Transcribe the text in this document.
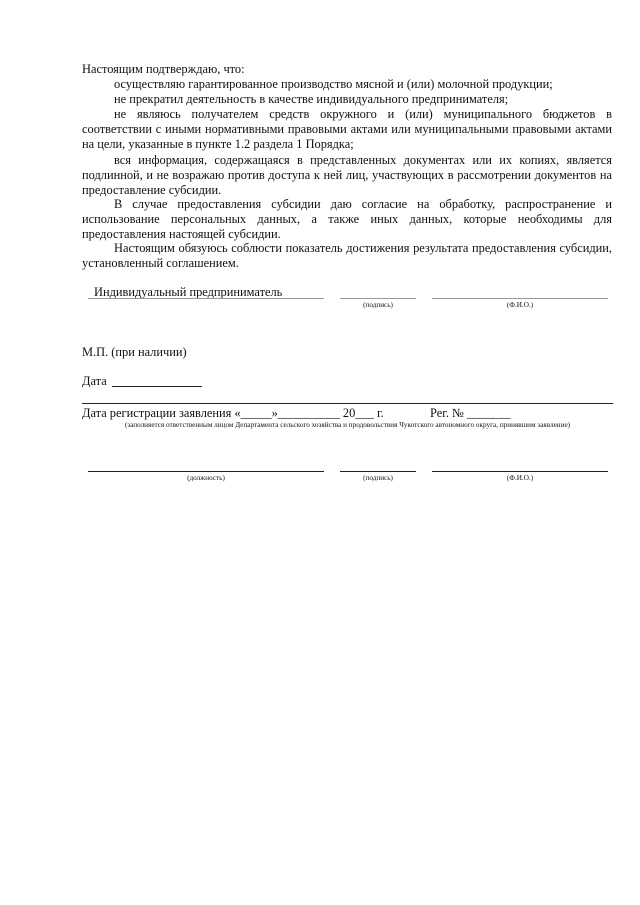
Настоящим подтверждаю, что:

осуществляю гарантированное производство мясной и (или) молочной продукции;

не прекратил деятельность в качестве индивидуального предпринимателя;

не являюсь получателем средств окружного и (или) муниципального бюджетов в соответствии с иными нормативными правовыми актами или муниципальными правовыми актами на цели, указанные в пункте 1.2 раздела 1 Порядка;

вся информация, содержащаяся в представленных документах или их копиях, является подлинной, и не возражаю против доступа к ней лиц, участвующих в рассмотрении документов на предоставление субсидии.

В случае предоставления субсидии даю согласие на обработку, распространение и использование персональных данных, а также иных данных, которые необходимы для предоставления настоящей субсидии.

Настоящим обязуюсь соблюсти показатель достижения результата предоставления субсидии, установленный соглашением.

Индивидуальный предприниматель

(подпись)	(Ф.И.О.)

М.П. (при наличии)

Дата

Дата регистрации заявления «_____»__________ 20___ г.	Рег. № _______

(заполняется ответственным лицом Департамента сельского хозяйства и продовольствия Чукотского автономного округа, принявшим заявление)
(должность)	(подпись)	(Ф.И.О.)
